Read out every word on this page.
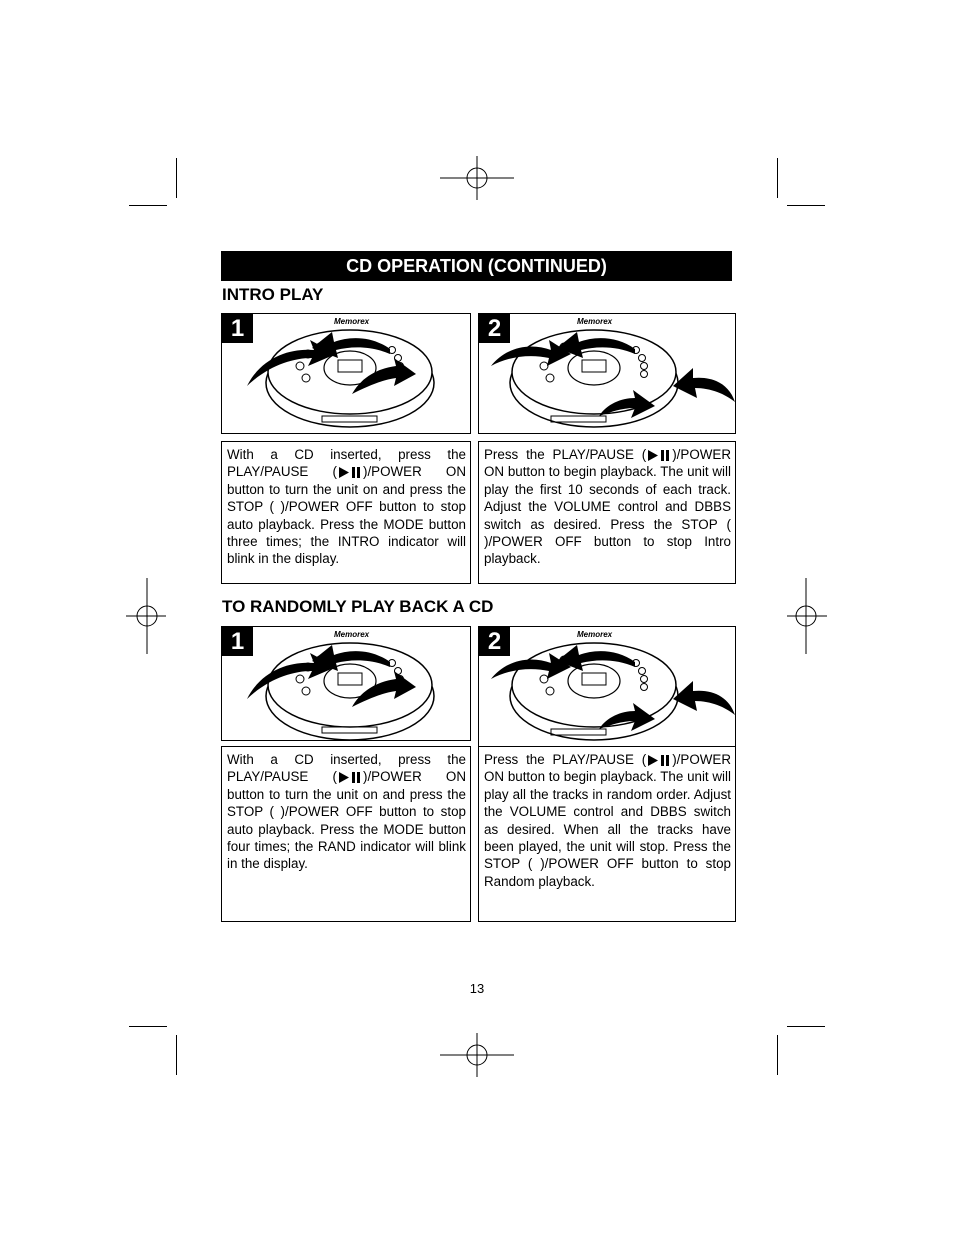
CD OPERATION (CONTINUED)
INTRO PLAY
1	Memorex	2	Memorex
With a CD inserted, press the PLAY/PAUSE ( )/POWER ON button to turn the unit on and press the STOP ( )/POWER OFF button to stop auto playback. Press the MODE button three times; the INTRO indicator will blink in the display.
Press the PLAY/PAUSE ( )/POWER ON button to begin playback. The unit will play the first 10 seconds of each track. Adjust the VOLUME control and DBBS switch as desired. Press the STOP ( )/POWER OFF button to stop Intro playback.
TO RANDOMLY PLAY BACK A CD
1	Memorex	2	Memorex
With a CD inserted, press the PLAY/PAUSE ( )/POWER ON button to turn the unit on and press the STOP ( )/POWER OFF button to stop auto playback. Press the MODE button four times; the RAND indicator will blink in the display.
Press the PLAY/PAUSE ( )/POWER ON button to begin playback. The unit will play all the tracks in random order. Adjust the VOLUME control and DBBS switch as desired. When all the tracks have been played, the unit will stop. Press the STOP ( )/POWER OFF button to stop Random playback.
13
